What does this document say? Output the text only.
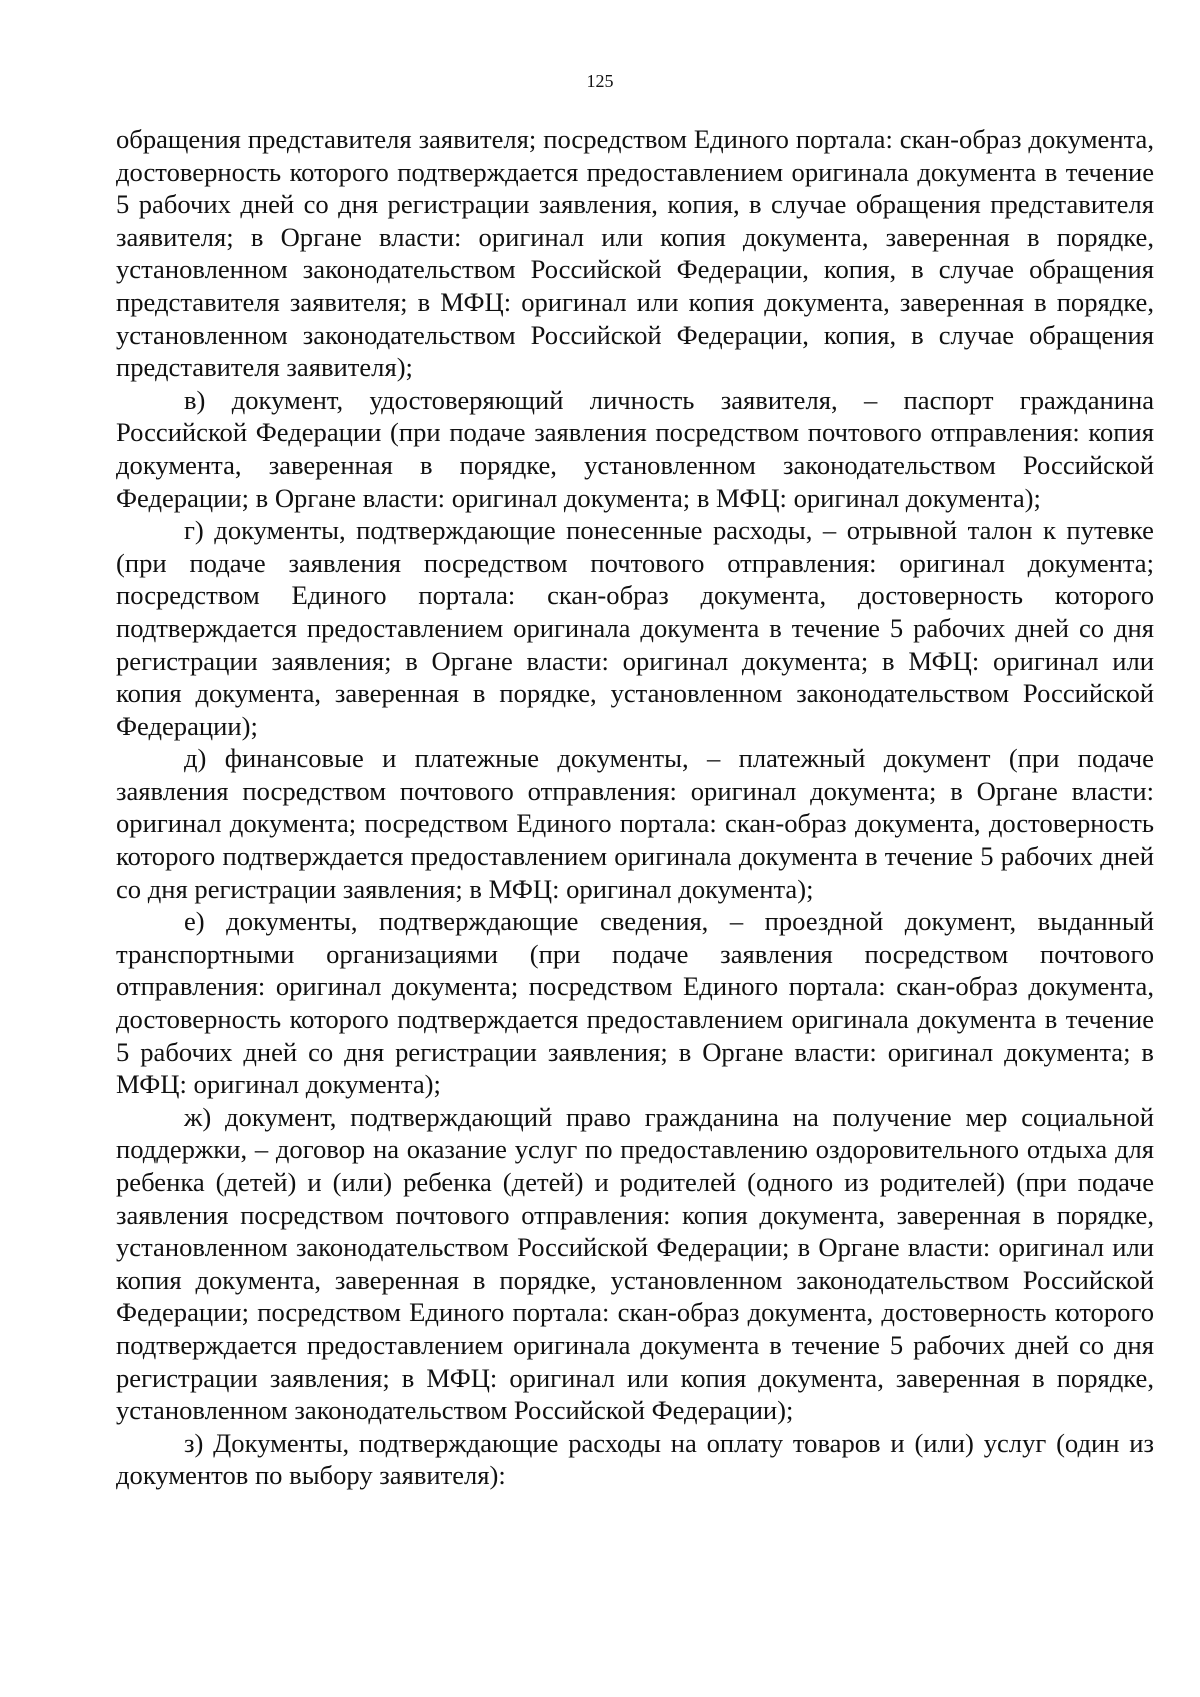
125

обращения представителя заявителя; посредством Единого портала: скан-образ документа, достоверность которого подтверждается предоставлением оригинала документа в течение 5 рабочих дней со дня регистрации заявления, копия, в случае обращения представителя заявителя; в Органе власти: оригинал или копия документа, заверенная в порядке, установленном законодательством Российской Федерации, копия, в случае обращения представителя заявителя; в МФЦ: оригинал или копия документа, заверенная в порядке, установленном законодательством Российской Федерации, копия, в случае обращения представителя заявителя);

в) документ, удостоверяющий личность заявителя, – паспорт гражданина Российской Федерации (при подаче заявления посредством почтового отправления: копия документа, заверенная в порядке, установленном законодательством Российской Федерации; в Органе власти: оригинал документа; в МФЦ: оригинал документа);

г) документы, подтверждающие понесенные расходы, – отрывной талон к путевке (при подаче заявления посредством почтового отправления: оригинал документа; посредством Единого портала: скан-образ документа, достоверность которого подтверждается предоставлением оригинала документа в течение 5 рабочих дней со дня регистрации заявления; в Органе власти: оригинал документа; в МФЦ: оригинал или копия документа, заверенная в порядке, установленном законодательством Российской Федерации);

д) финансовые и платежные документы, – платежный документ (при подаче заявления посредством почтового отправления: оригинал документа; в Органе власти: оригинал документа; посредством Единого портала: скан-образ документа, достоверность которого подтверждается предоставлением оригинала документа в течение 5 рабочих дней со дня регистрации заявления; в МФЦ: оригинал документа);

е) документы, подтверждающие сведения, – проездной документ, выданный транспортными организациями (при подаче заявления посредством почтового отправления: оригинал документа; посредством Единого портала: скан-образ документа, достоверность которого подтверждается предоставлением оригинала документа в течение 5 рабочих дней со дня регистрации заявления; в Органе власти: оригинал документа; в МФЦ: оригинал документа);

ж) документ, подтверждающий право гражданина на получение мер социальной поддержки, – договор на оказание услуг по предоставлению оздоровительного отдыха для ребенка (детей) и (или) ребенка (детей) и родителей (одного из родителей) (при подаче заявления посредством почтового отправления: копия документа, заверенная в порядке, установленном законодательством Российской Федерации; в Органе власти: оригинал или копия документа, заверенная в порядке, установленном законодательством Российской Федерации; посредством Единого портала: скан-образ документа, достоверность которого подтверждается предоставлением оригинала документа в течение 5 рабочих дней со дня регистрации заявления; в МФЦ: оригинал или копия документа, заверенная в порядке, установленном законодательством Российской Федерации);

з) Документы, подтверждающие расходы на оплату товаров и (или) услуг (один из документов по выбору заявителя):
